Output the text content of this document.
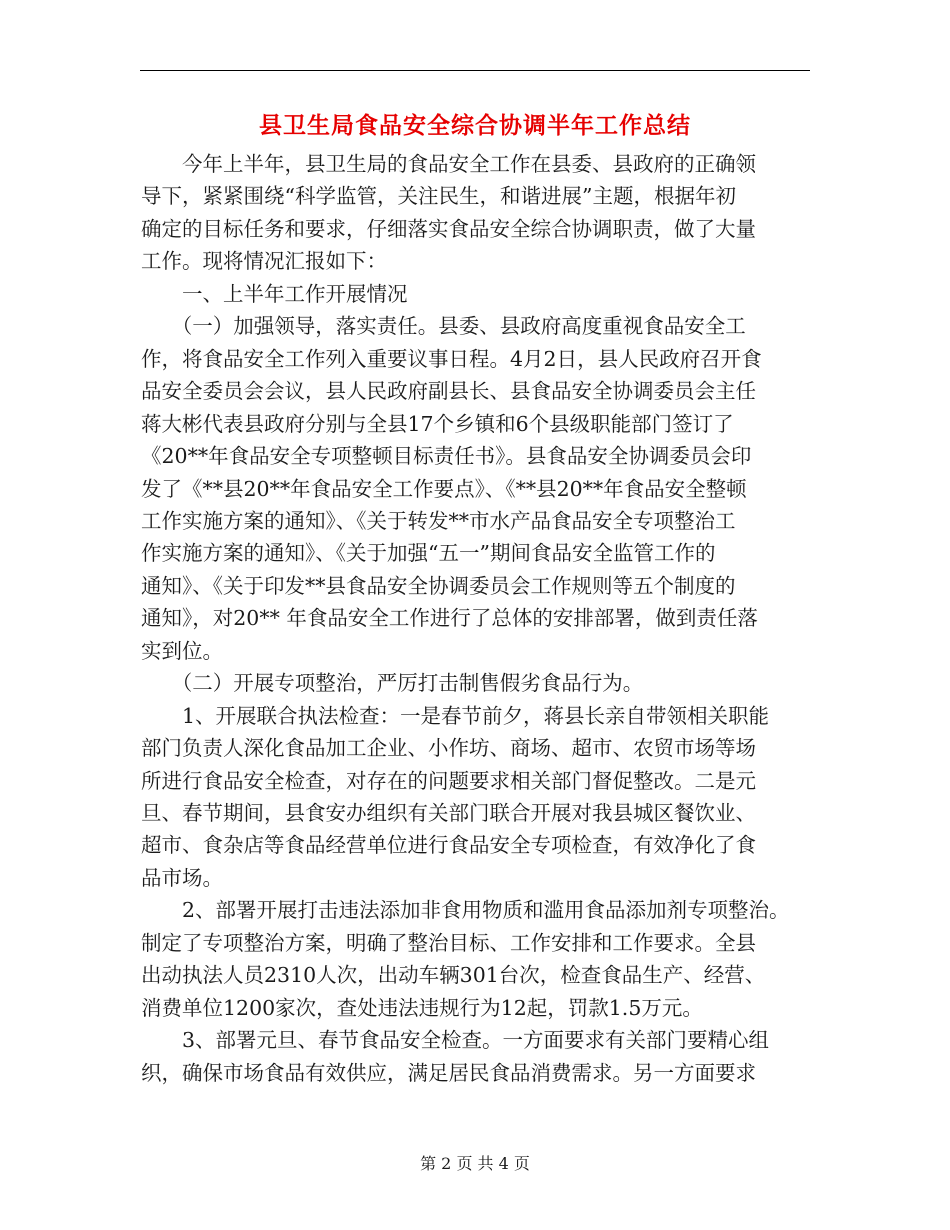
县卫生局食品安全综合协调半年工作总结
　　今年上半年，县卫生局的食品安全工作在县委、县政府的正确领
导下，紧紧围绕“科学监管，关注民生，和谐进展”主题，根据年初
确定的目标任务和要求，仔细落实食品安全综合协调职责，做了大量
工作。现将情况汇报如下：
　　一、上半年工作开展情况
　　（一）加强领导，落实责任。县委、县政府高度重视食品安全工
作，将食品安全工作列入重要议事日程。4月2日，县人民政府召开食
品安全委员会会议，县人民政府副县长、县食品安全协调委员会主任
蒋大彬代表县政府分别与全县17个乡镇和6个县级职能部门签订了
《20**年食品安全专项整顿目标责任书》。县食品安全协调委员会印
发了《**县20**年食品安全工作要点》、《**县20**年食品安全整顿
工作实施方案的通知》、《关于转发**市水产品食品安全专项整治工
作实施方案的通知》、《关于加强“五一”期间食品安全监管工作的
通知》、《关于印发**县食品安全协调委员会工作规则等五个制度的
通知》，对20** 年食品安全工作进行了总体的安排部署，做到责任落
实到位。
　　（二）开展专项整治，严厉打击制售假劣食品行为。
　　1、开展联合执法检查：一是春节前夕，蒋县长亲自带领相关职能
部门负责人深化食品加工企业、小作坊、商场、超市、农贸市场等场
所进行食品安全检查，对存在的问题要求相关部门督促整改。二是元
旦、春节期间，县食安办组织有关部门联合开展对我县城区餐饮业、
超市、食杂店等食品经营单位进行食品安全专项检查，有效净化了食
品市场。
　　2、部署开展打击违法添加非食用物质和滥用食品添加剂专项整治。
制定了专项整治方案，明确了整治目标、工作安排和工作要求。全县
出动执法人员2310人次，出动车辆301台次，检查食品生产、经营、
消费单位1200家次，查处违法违规行为12起，罚款1.5万元。
　　3、部署元旦、春节食品安全检查。一方面要求有关部门要精心组
织，确保市场食品有效供应，满足居民食品消费需求。另一方面要求
第 2 页 共 4 页
